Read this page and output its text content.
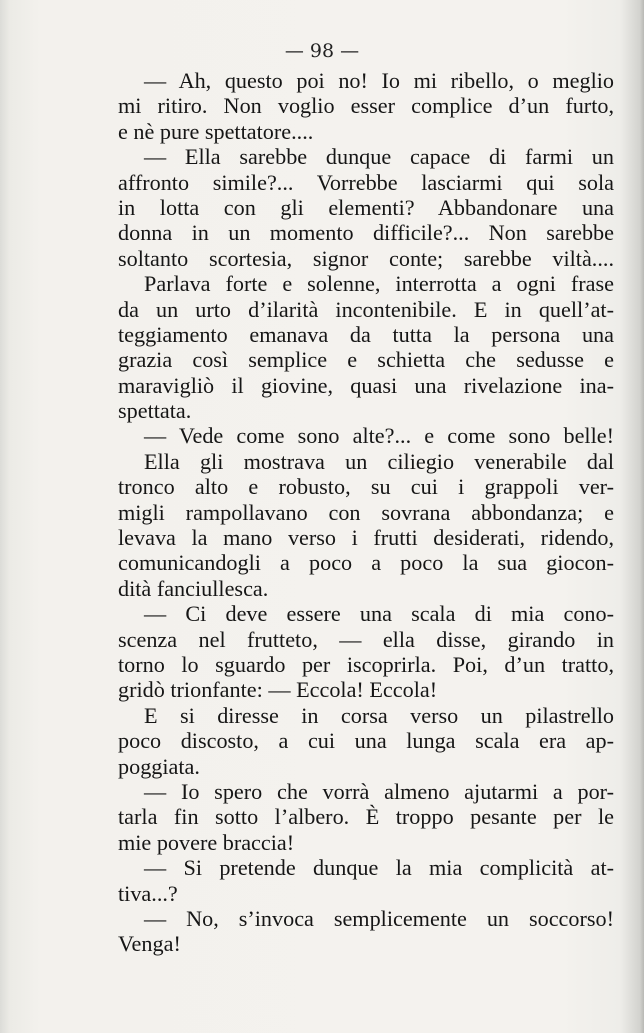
— 98 —
— Ah, questo poi no! Io mi ribello, o meglio
mi ritiro. Non voglio esser complice d’un furto,
e nè pure spettatore....
— Ella sarebbe dunque capace di farmi un
affronto simile?... Vorrebbe lasciarmi qui sola
in lotta con gli elementi? Abbandonare una
donna in un momento difficile?... Non sarebbe
soltanto scortesia, signor conte; sarebbe viltà....
Parlava forte e solenne, interrotta a ogni frase
da un urto d’ilarità incontenibile. E in quell’at-
teggiamento emanava da tutta la persona una
grazia così semplice e schietta che sedusse e
maravigliò il giovine, quasi una rivelazione ina-
spettata.
— Vede come sono alte?... e come sono belle!
Ella gli mostrava un ciliegio venerabile dal
tronco alto e robusto, su cui i grappoli ver-
migli rampollavano con sovrana abbondanza; e
levava la mano verso i frutti desiderati, ridendo,
comunicandogli a poco a poco la sua giocon-
dità fanciullesca.
— Ci deve essere una scala di mia cono-
scenza nel frutteto, — ella disse, girando in
torno lo sguardo per iscoprirla. Poi, d’un tratto,
gridò trionfante: — Eccola! Eccola!
E si diresse in corsa verso un pilastrello
poco discosto, a cui una lunga scala era ap-
poggiata.
— Io spero che vorrà almeno ajutarmi a por-
tarla fin sotto l’albero. È troppo pesante per le
mie povere braccia!
— Si pretende dunque la mia complicità at-
tiva...?
— No, s’invoca semplicemente un soccorso!
Venga!
